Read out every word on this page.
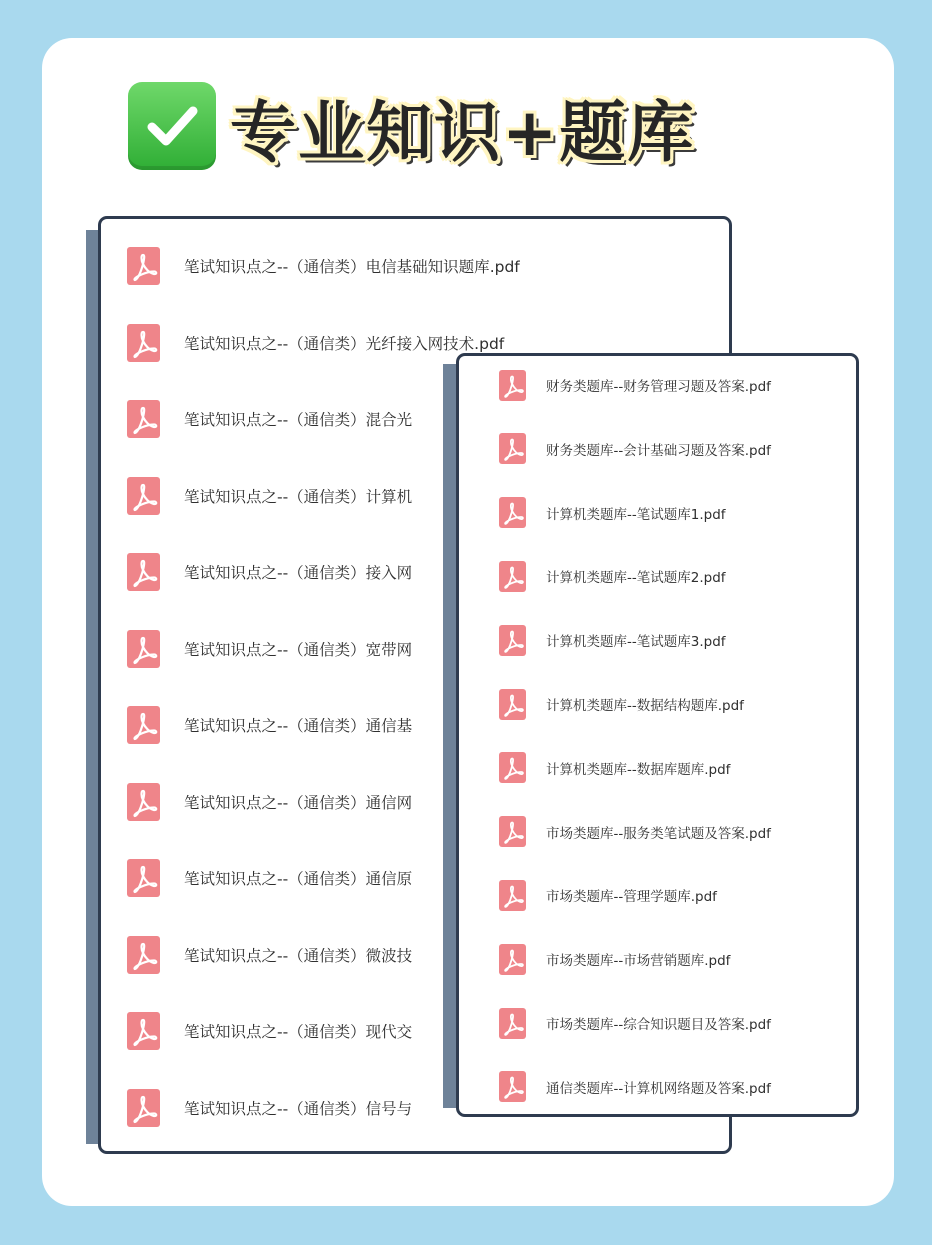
专业知识+题库
笔试知识点之--（通信类）电信基础知识题库.pdf
笔试知识点之--（通信类）光纤接入网技术.pdf
笔试知识点之--（通信类）混合光
笔试知识点之--（通信类）计算机
笔试知识点之--（通信类）接入网
笔试知识点之--（通信类）宽带网
笔试知识点之--（通信类）通信基
笔试知识点之--（通信类）通信网
笔试知识点之--（通信类）通信原
笔试知识点之--（通信类）微波技
笔试知识点之--（通信类）现代交
笔试知识点之--（通信类）信号与
财务类题库--财务管理习题及答案.pdf
财务类题库--会计基础习题及答案.pdf
计算机类题库--笔试题库1.pdf
计算机类题库--笔试题库2.pdf
计算机类题库--笔试题库3.pdf
计算机类题库--数据结构题库.pdf
计算机类题库--数据库题库.pdf
市场类题库--服务类笔试题及答案.pdf
市场类题库--管理学题库.pdf
市场类题库--市场营销题库.pdf
市场类题库--综合知识题目及答案.pdf
通信类题库--计算机网络题及答案.pdf
